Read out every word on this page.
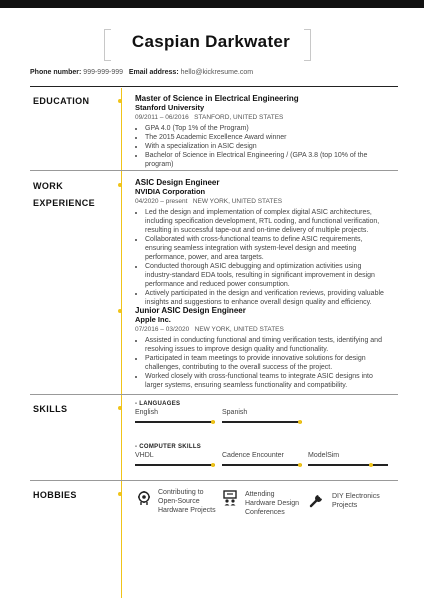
Caspian Darkwater
Phone number: 999-999-999 Email address: hello@kickresume.com
EDUCATION	Master of Science in Electrical Engineering
Stanford University
09/2011 – 06/2016 STANFORD, UNITED STATES
• GPA 4.0 (Top 1% of the Program)
• The 2015 Academic Excellence Award winner
• With a specialization in ASIC design
• Bachelor of Science in Electrical Engineering / (GPA 3.8 (top 10% of the program)
WORK
EXPERIENCE
ASIC Design Engineer
NVIDIA Corporation
04/2020 – present NEW YORK, UNITED STATES
• Led the design and implementation of complex digital ASIC architectures, including specification development, RTL coding, and functional verification, resulting in successful tape-out and on-time delivery of multiple projects.
• Collaborated with cross-functional teams to define ASIC requirements, ensuring seamless integration with system-level design and meeting performance, power, and area targets.
• Conducted thorough ASIC debugging and optimization activities using industry-standard EDA tools, resulting in significant improvement in design performance and reduced power consumption.
• Actively participated in the design and verification reviews, providing valuable insights and suggestions to enhance overall design quality and efficiency.
Junior ASIC Design Engineer
Apple Inc.
07/2016 – 03/2020 NEW YORK, UNITED STATES
• Assisted in conducting functional and timing verification tests, identifying and resolving issues to improve design quality and functionality.
• Participated in team meetings to provide innovative solutions for design challenges, contributing to the overall success of the project.
• Worked closely with cross-functional teams to integrate ASIC designs into larger systems, ensuring seamless functionality and compatibility.
SKILLS	- LANGUAGES
English	Spanish
- COMPUTER SKILLS
VHDL	Cadence Encounter	ModelSim
HOBBIES	Contributing to Open-Source Hardware Projects
Attending Hardware Design Conferences
DIY Electronics Projects
